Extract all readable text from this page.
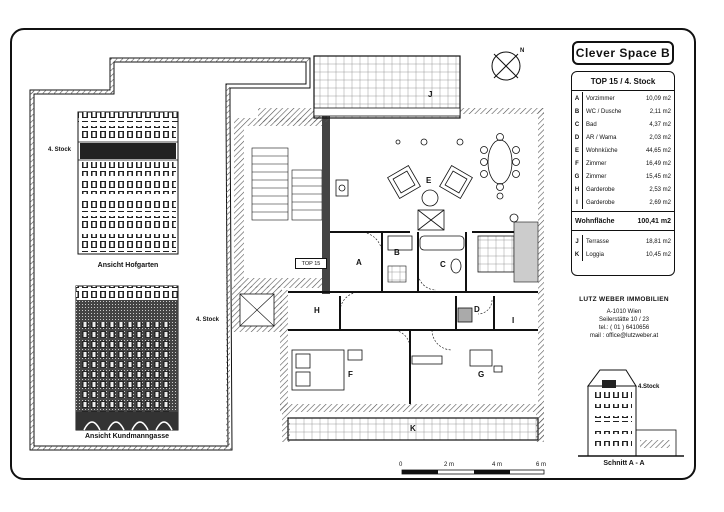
Clever Space B
TOP 15 / 4. Stock
A	Vorzimmer	10,09 m2
B	WC / Dusche	2,11 m2
C	Bad	4,37 m2
D	AR / Wama	2,03 m2
E	Wohnküche	44,65 m2
F	Zimmer	16,49 m2
G	Zimmer	15,45 m2
H	Garderobe	2,53 m2
I	Garderobe	2,69 m2
Wohnfläche	100,41 m2
J	Terrasse	18,81 m2
K	Loggia	10,45 m2
LUTZ WEBER IMMOBILIEN
A-1010 Wien
Seilerstätte 10 / 23
tel.: ( 01 ) 6410656
mail : office@lutzweber.at
Schnitt A - A
4.Stock
Ansicht Hofgarten
4. Stock
Ansicht Kundmanngasse
4. Stock
TOP 15
J
E
A
B
C
D
H
I
F	G
K
N
0	2 m	4 m	6 m
